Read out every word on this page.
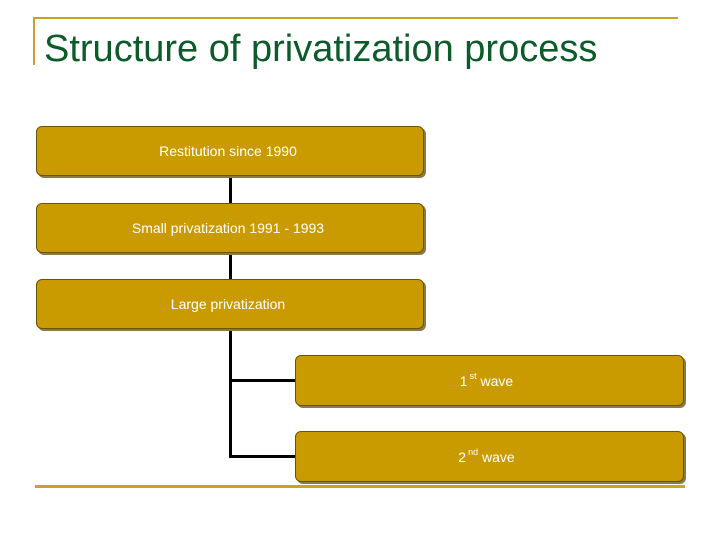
Structure of privatization process
Restitution since 1990
Small privatization 1991 - 1993
Large privatization
1 $^{st}$ wave
2 $^{nd}$ wave
